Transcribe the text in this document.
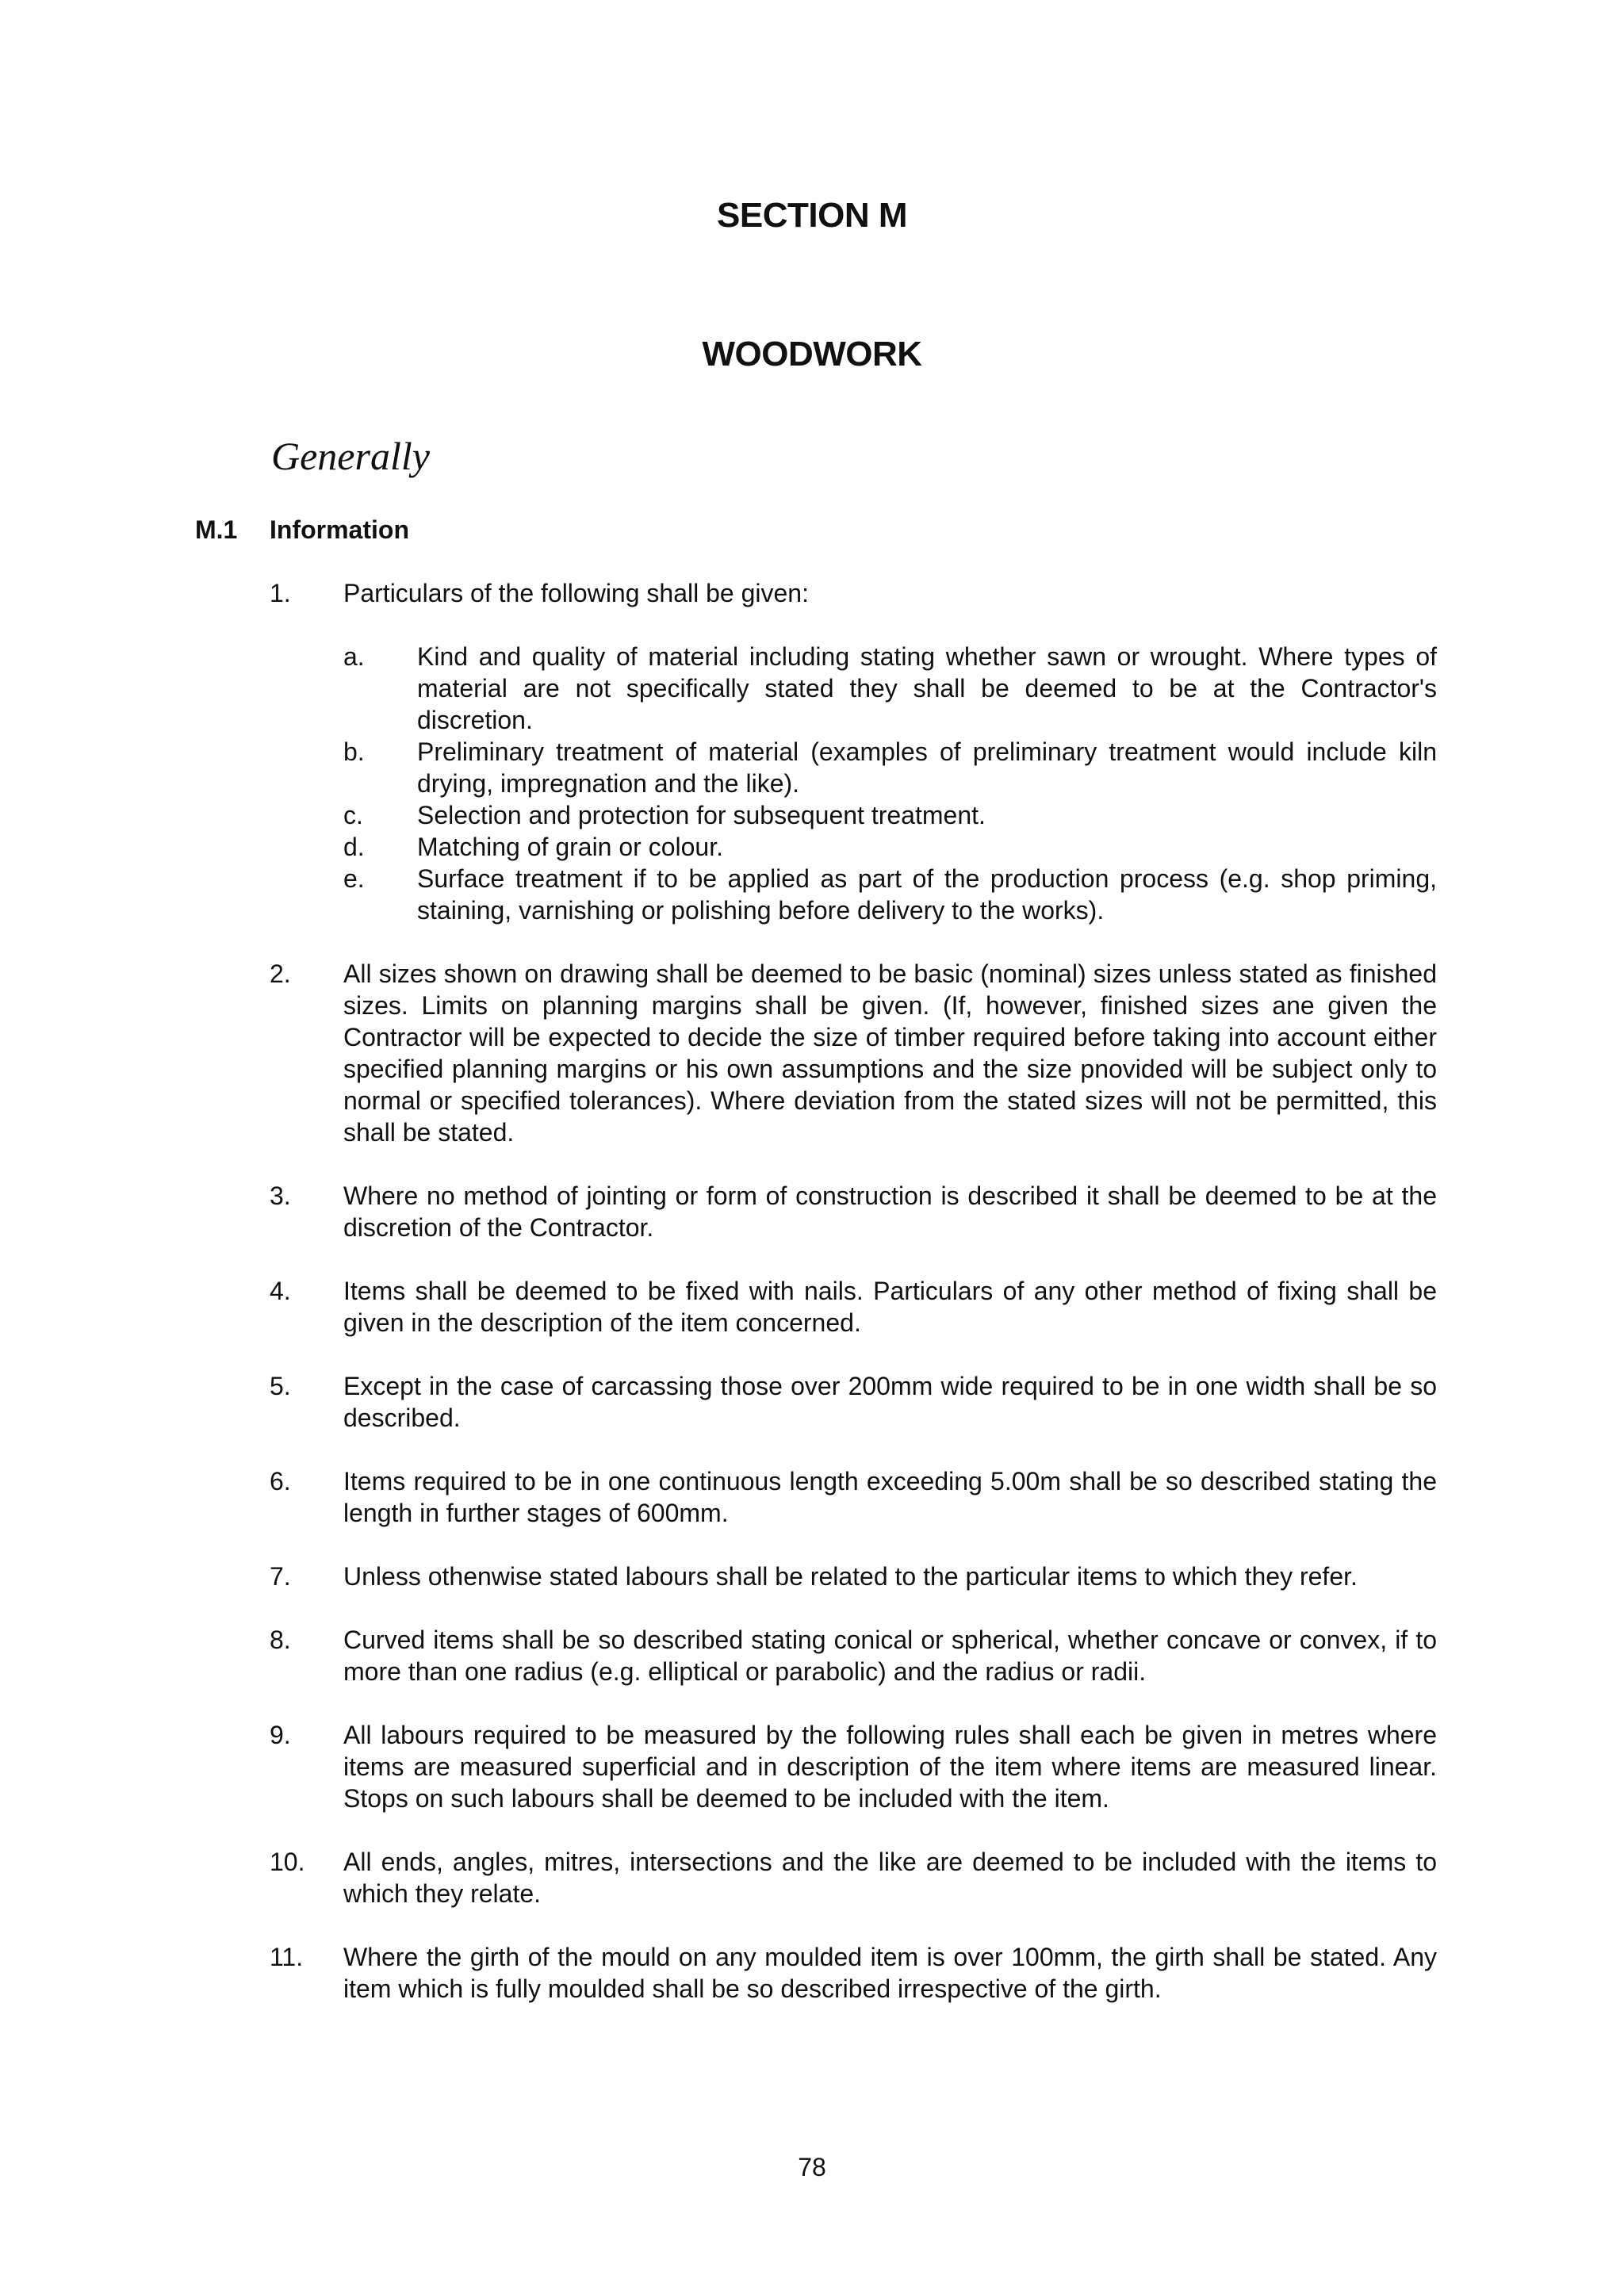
SECTION M
WOODWORK
Generally
M.1 Information
1.	Particulars of the following shall be given:
a.	Kind and quality of material including stating whether sawn or wrought. Where types of material are not specifically stated they shall be deemed to be at the Contractor's discretion.
b.	Preliminary treatment of material (examples of preliminary treatment would include kiln drying, impregnation and the like).
c.	Selection and protection for subsequent treatment.
d.	Matching of grain or colour.
e.	Surface treatment if to be applied as part of the production process (e.g. shop priming, staining, varnishing or polishing before delivery to the works).
2.	All sizes shown on drawing shall be deemed to be basic (nominal) sizes unless stated as finished sizes. Limits on planning margins shall be given. (If, however, finished sizes ane given the Contractor will be expected to decide the size of timber required before taking into account either specified planning margins or his own assumptions and the size pnovided will be subject only to normal or specified tolerances). Where deviation from the stated sizes will not be permitted, this shall be stated.
3.	Where no method of jointing or form of construction is described it shall be deemed to be at the discretion of the Contractor.
4.	Items shall be deemed to be fixed with nails. Particulars of any other method of fixing shall be given in the description of the item concerned.
5.	Except in the case of carcassing those over 200mm wide required to be in one width shall be so described.
6.	Items required to be in one continuous length exceeding 5.00m shall be so described stating the length in further stages of 600mm.
7.	Unless othenwise stated labours shall be related to the particular items to which they refer.
8.	Curved items shall be so described stating conical or spherical, whether concave or convex, if to more than one radius (e.g. elliptical or parabolic) and the radius or radii.
9.	All labours required to be measured by the following rules shall each be given in metres where items are measured superficial and in description of the item where items are measured linear. Stops on such labours shall be deemed to be included with the item.
10.	All ends, angles, mitres, intersections and the like are deemed to be included with the items to which they relate.
11.	Where the girth of the mould on any moulded item is over 100mm, the girth shall be stated. Any item which is fully moulded shall be so described irrespective of the girth.
78
